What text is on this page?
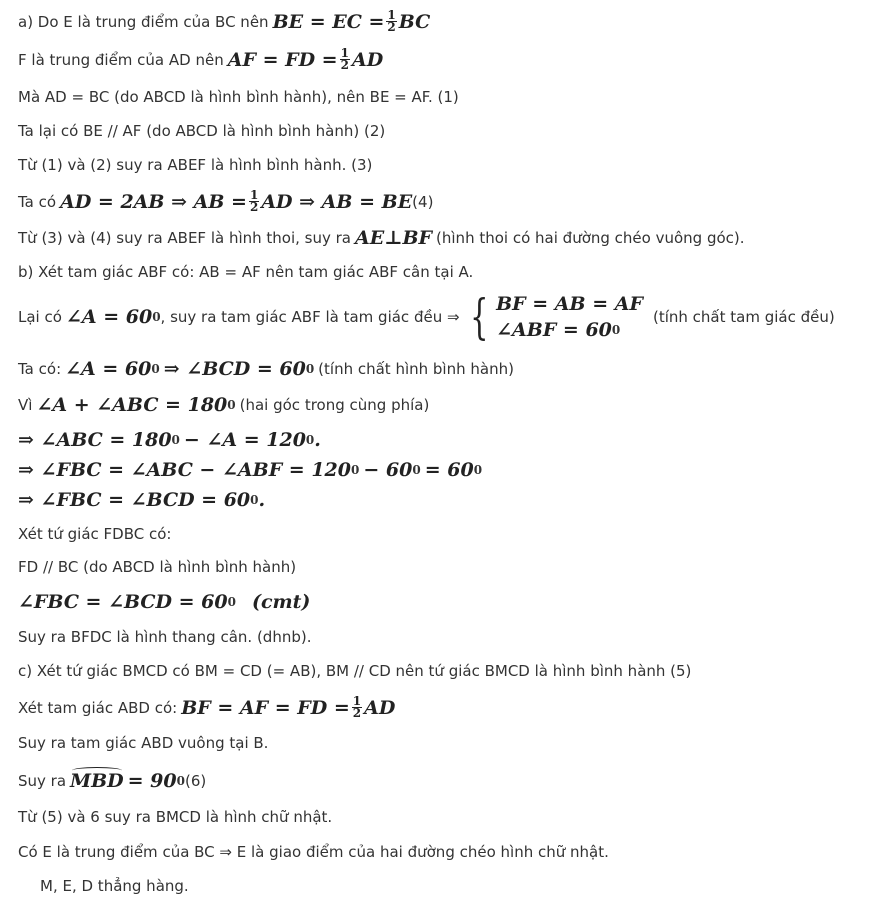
a) Do E là trung điểm của BC nên BE = EC = $\frac{1}{2}$ BC
F là trung điểm của AD nên AF = FD = $\frac{1}{2}$ AD
Mà AD = BC (do ABCD là hình bình hành), nên BE = AF. (1)
Ta lại có BE // AF (do ABCD là hình bình hành) (2)
Từ (1) và (2) suy ra ABEF là hình bình hành. (3)
Ta có AD = 2AB ⇒ AB = $\frac{1}{2}$ AD ⇒ AB = BE (4)
Từ (3) và (4) suy ra ABEF là hình thoi, suy ra AE⊥BF (hình thoi có hai đường chéo vuông góc).
b) Xét tam giác ABF có: AB = AF nên tam giác ABF cân tại A.
Lại có ∠A = 60 0 , suy ra tam giác ABF là tam giác đều ⇒ { BF = AB = AF
∠ABF = 60 0
(tính chất tam giác đều)
Ta có: ∠A = 60 0 ⇒ ∠BCD = 60 0 (tính chất hình bình hành)
Vì ∠A + ∠ABC = 180 0 (hai góc trong cùng phía)
⇒ ∠ABC = 180 0 − ∠A = 120 0 .
⇒ ∠FBC = ∠ABC − ∠ABF = 120 0 − 60 0 = 60 0
⇒ ∠FBC = ∠BCD = 60 0 .
Xét tứ giác FDBC có:
FD // BC (do ABCD là hình bình hành)
∠FBC = ∠BCD = 60 0 (cmt)
Suy ra BFDC là hình thang cân. (dhnb).
c) Xét tứ giác BMCD có BM = CD (= AB), BM // CD nên tứ giác BMCD là hình bình hành (5)
Xét tam giác ABD có: BF = AF = FD = $\frac{1}{2}$ AD
Suy ra tam giác ABD vuông tại B.
Suy ra MBD = 90 0 (6)
Từ (5) và 6 suy ra BMCD là hình chữ nhật.
Có E là trung điểm của BC ⇒ E là giao điểm của hai đường chéo hình chữ nhật.
M, E, D thẳng hàng.
